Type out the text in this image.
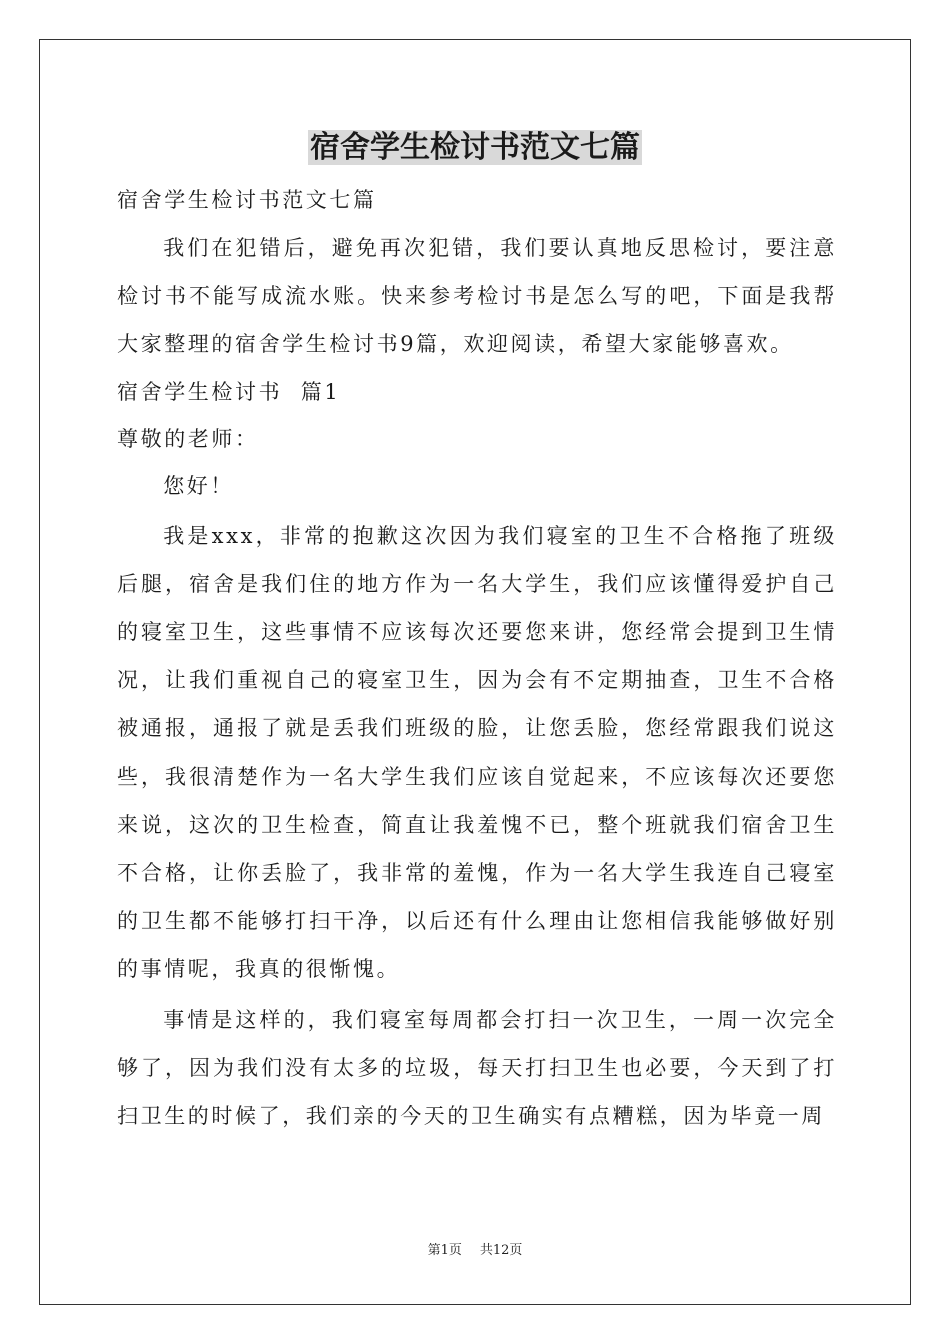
宿舍学生检讨书范文七篇

宿舍学生检讨书范文七篇

我们在犯错后，避免再次犯错，我们要认真地反思检讨，要注意检讨书不能写成流水账。快来参考检讨书是怎么写的吧，下面是我帮大家整理的宿舍学生检讨书9篇，欢迎阅读，希望大家能够喜欢。

宿舍学生检讨书  篇1

尊敬的老师：

您好！

我是xxx，非常的抱歉这次因为我们寝室的卫生不合格拖了班级后腿，宿舍是我们住的地方作为一名大学生，我们应该懂得爱护自己的寝室卫生，这些事情不应该每次还要您来讲，您经常会提到卫生情况，让我们重视自己的寝室卫生，因为会有不定期抽查，卫生不合格被通报，通报了就是丢我们班级的脸，让您丢脸，您经常跟我们说这些，我很清楚作为一名大学生我们应该自觉起来，不应该每次还要您来说，这次的卫生检查，简直让我羞愧不已，整个班就我们宿舍卫生不合格，让你丢脸了，我非常的羞愧，作为一名大学生我连自己寝室的卫生都不能够打扫干净，以后还有什么理由让您相信我能够做好别的事情呢，我真的很惭愧。

事情是这样的，我们寝室每周都会打扫一次卫生，一周一次完全够了，因为我们没有太多的垃圾，每天打扫卫生也必要，今天到了打扫卫生的时候了，我们亲的今天的卫生确实有点糟糕，因为毕竟一周

第1页 共12页
